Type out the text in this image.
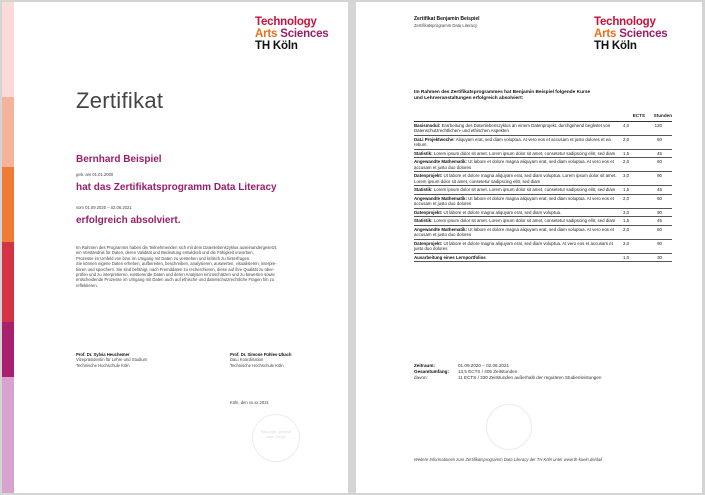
Technology
Arts Sciences
TH Köln
Zertifikat
Bernhard Beispiel
geb. am 01.01.2000
hat das Zertifikatsprogramm Data Literacy
vom 01.09.2020 – 02.06.2021
erfolgreich absolviert.
Im Rahmen des Programms haben die Teilnehmenden sich mit dem Datenlebenszyklus auseinandergesetzt,
ein Verständnis für Daten, deren Validität und Bedeutung entwickelt und die Fähigkeit erworben,
Prozesse im Umfeld von bzw. im Umgang mit Daten zu verstehen und kritisch zu hinterfragen.
Sie können eigene Daten erheben, aufbereiten, beschreiben, analysieren, auswerten, visualisieren, interpre-
tieren und speichern. Sie sind befähigt, nach Fremddaten zu recherchieren, diese auf ihre Qualität zu über-
prüfen und zu interpretieren, existierende Daten und deren Analysen einzuschätzen und zu bewerten sowie
entscheidende Prozesse im Umgang mit Daten auch auf ethische und datenschutzrechtliche Fragen hin zu
reflektieren.
Prof. Dr. Sylvia Heuchemer
Vizepräsidentin für Lehre und Studium
Technische Hochschule Köln
Prof. Dr. Simone Fühles-Ubach
DaLi Koordination
Technische Hochschule Köln
Köln, den xx.xx.2021
Sitzungs- gemäß oder Siegel
Zertifikat Benjamin Beispiel
Zertifikatsprogramm Data Literacy	Technology
Arts Sciences
TH Köln
Im Rahmen des Zertifikatsprogrammes hat Benjamin Beispiel folgende Kurse
und Lehrveranstaltungen erfolgreich absolviert:
ECTS	Stunden
Basismodul: Erarbeitung des Datenlebenszyklus an einem Datenprojekt, durchgehend begleitet von Datenschutzrechtlichen- und ethischen Aspekten
4,0	120
DaLi Projektwoche: Aliquyam erat, sed diam voluptua. At vero eos et accusam et justo dolores et ea rebum.
2,0	60
Statistik: Lorem ipsum dolor sit amet. Lorem ipsum dolor sit amet, consetetur sadipscing elitr, sed diam	1,5	45
Angewandte Mathematik: Ut labore et dolore magna aliquyam erat, sed diam voluptua. At vero eos et accusam et justo duo dolores
2,0	60
Datenprojekt: Ut labore et dolore magna aliquyam erat, sed diam voluptua. Lorem ipsum dolor sit amet. Lorem ipsum dolor sit amet, consetetur sadipscing elitr, sed diam
3,0	90
Statistik: Lorem ipsum dolor sit amet. Lorem ipsum dolor sit amet, consetetur sadipscing elitr, sed diam	1,5	45
Angewandte Mathematik: Ut labore et dolore magna aliquyam erat, sed diam voluptua. At vero eos et accusam et justo duo dolores
2,0	60
Datenprojekt: Ut labore et dolore magna aliquyam erat, sed diam voluptua.	3,0	90
Statistik: Lorem ipsum dolor sit amet. Lorem ipsum dolor sit amet, consetetur sadipscing elitr, sed diam	1,5	45
Angewandte Mathematik: Ut labore et dolore magna aliquyam erat, sed diam voluptua. At vero eos et accusam et justo duo dolores
2,0	60
Datenprojekt: Ut labore et dolore magna aliquyam erat, sed diam voluptua. At vero eos et accusam et justo duo dolores
3,0	90
Ausarbeitung eines Lernportfolios	1,0	30
Zeitraum:	01.09.2020 – 02.06.2021
Gesamtumfang:	13,5 ECTS / 405 Zeitstunden
davon:	11 ECTS / 330 Zeitstunden außerhalb der regulären Studienleistungen
Weitere Informationen zum Zertifikatsprogramm Data Literacy der TH Köln unter www.th-koeln.de/dali
